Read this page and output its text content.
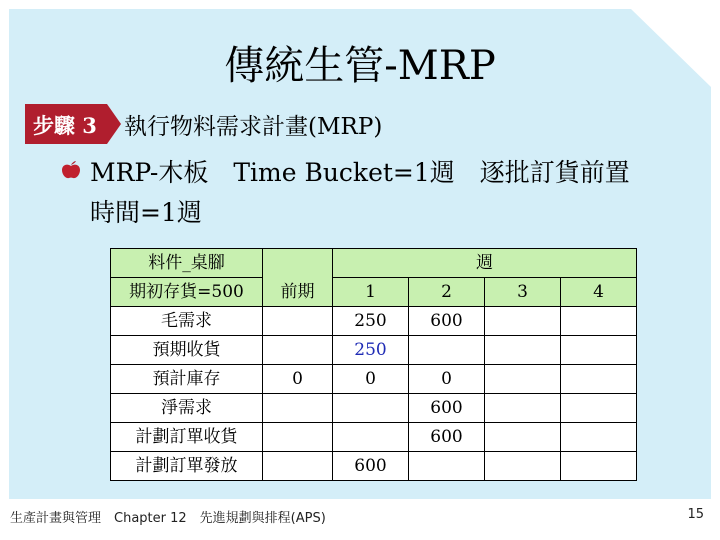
傳統生管-MRP
步驟 3 執行物料需求計畫(MRP)
MRP-木板　Time Bucket=1週　逐批訂貨前置
時間=1週
料件_桌腳		週			
期初存貨=500	前期	1	2	3	4
毛需求		250	600		
預期收貨		250			
預計庫存	0	0	0		
淨需求			600		
計劃訂單收貨			600		
計劃訂單發放		600			
生產計畫與管理　Chapter 12　先進規劃與排程(APS)	15
